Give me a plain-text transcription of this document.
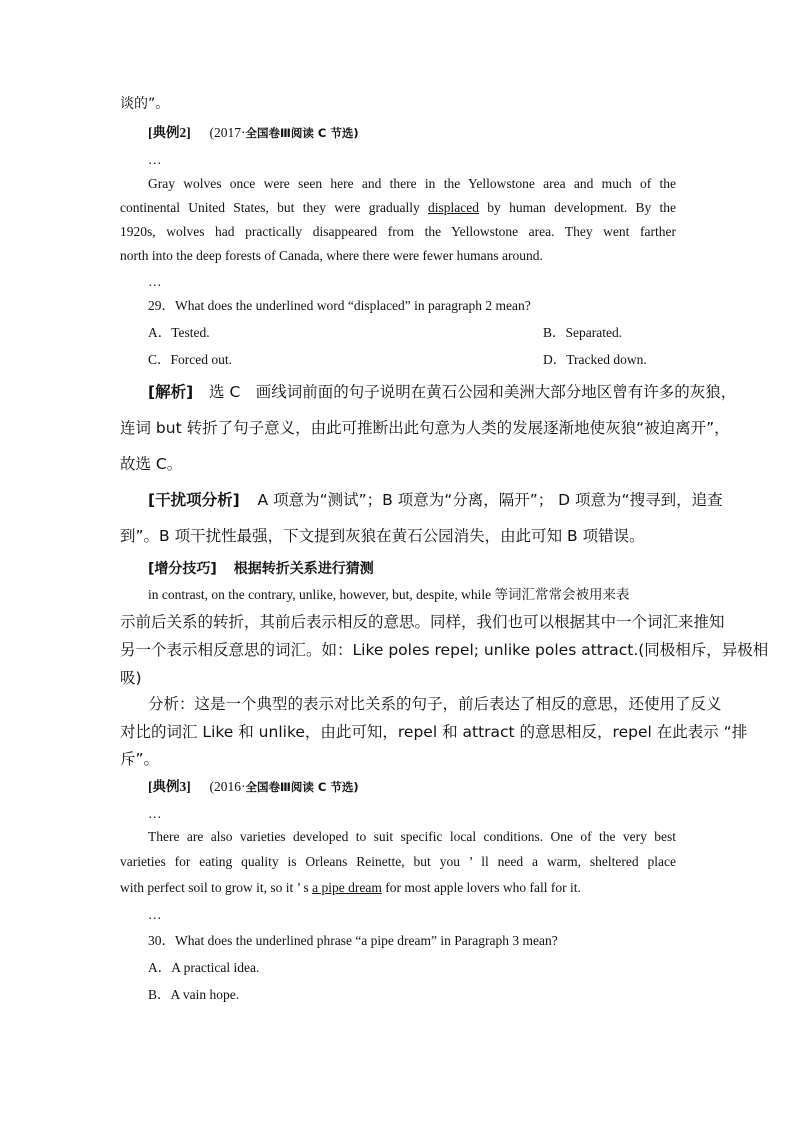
谈的”。
[典例2] (2017·全国卷Ⅲ阅读 C 节选)
…
Gray wolves once were seen here and there in the Yellowstone area and much of the
continental United States, but they were gradually displaced by human development. By the
1920s, wolves had practically disappeared from the Yellowstone area. They went farther
north into the deep forests of Canada, where there were fewer humans around.
…
29．What does the underlined word “displaced” in paragraph 2 mean?
A．Tested.	B．Separated.
C．Forced out.	D．Tracked down.
[解析] 选 C　画线词前面的句子说明在黄石公园和美洲大部分地区曾有许多的灰狼，
连词 but 转折了句子意义，由此可推断出此句意为人类的发展逐渐地使灰狼“被迫离开”，
故选 C。
[干扰项分析] A 项意为“测试”；B 项意为“分离，隔开”； D 项意为“搜寻到，追查
到”。B 项干扰性最强，下文提到灰狼在黄石公园消失，由此可知 B 项错误。
[增分技巧] 根据转折关系进行猜测
in contrast, on the contrary, unlike, however, but, despite, while 等词汇常常会被用来表
示前后关系的转折，其前后表示相反的意思。同样，我们也可以根据其中一个词汇来推知
另一个表示相反意思的词汇。如：Like poles repel; unlike poles attract.(同极相斥，异极相
吸)
分析：这是一个典型的表示对比关系的句子，前后表达了相反的意思，还使用了反义
对比的词汇 Like 和 unlike，由此可知，repel 和 attract 的意思相反，repel 在此表示 “排
斥”。
[典例3] (2016·全国卷Ⅲ阅读 C 节选)
…
There are also varieties developed to suit specific local conditions. One of the very best
varieties for eating quality is Orleans Reinette, but you ’ ll need a warm, sheltered place
with perfect soil to grow it, so it ’ s a pipe dream for most apple lovers who fall for it.
…
30．What does the underlined phrase “a pipe dream” in Paragraph 3 mean?
A．A practical idea.
B．A vain hope.
